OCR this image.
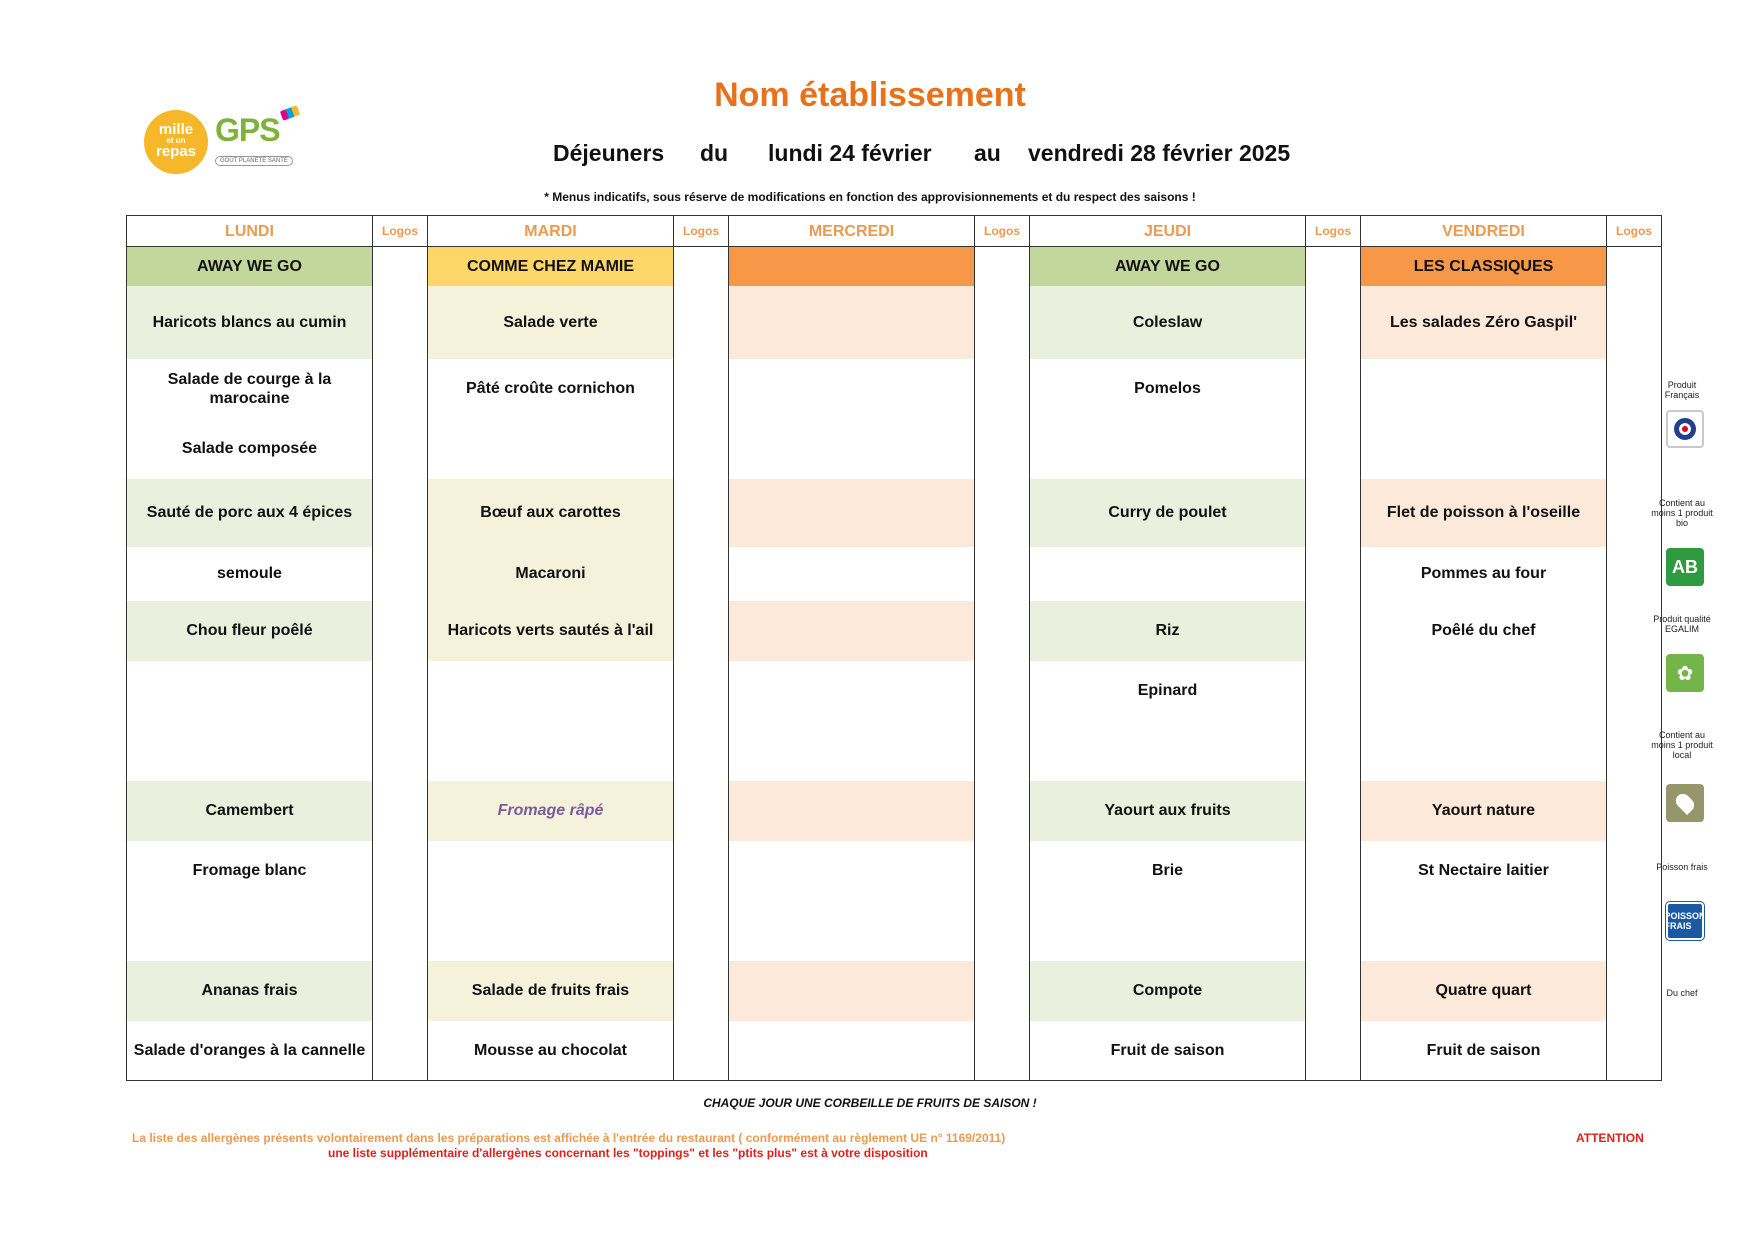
mille
et un
repas
GPS
GOÛT PLANÈTE SANTÉ
Nom établissement
Déjeuners du lundi 24 février au vendredi 28 février 2025
* Menus indicatifs, sous réserve de modifications en fonction des approvisionnements et du respect des saisons !
LUNDI	Logos	MARDI	Logos	MERCREDI	Logos	JEUDI	Logos	VENDREDI	Logos
AWAY WE GO		COMME CHEZ MAMIE				AWAY WE GO		LES CLASSIQUES	
Haricots blancs au cumin		Salade verte				Coleslaw		Les salades Zéro Gaspil'	
Salade de courge à la marocaine		Pâté croûte cornichon				Pomelos			
Salade composée									
Sauté de porc aux 4 épices		Bœuf aux carottes				Curry de poulet		Flet de poisson à l'oseille	
semoule		Macaroni						Pommes au four	
Chou fleur poêlé		Haricots verts sautés à l'ail				Riz		Poêlé du chef	
						Epinard			

Camembert		Fromage râpé				Yaourt aux fruits		Yaourt nature	
Fromage blanc						Brie		St Nectaire laitier	

Ananas frais		Salade de fruits frais				Compote		Quatre quart	
Salade d'oranges à la cannelle		Mousse au chocolat				Fruit de saison		Fruit de saison	
Produit Français
Contient au moins 1 produit bio
AB
Produit qualité EGALIM
✿
Contient au moins 1 produit local
Poisson frais
POISSON FRAIS
Du chef
CHAQUE JOUR UNE CORBEILLE DE FRUITS DE SAISON !
La liste des allergènes présents volontairement dans les préparations est affichée à l'entrée du restaurant ( conformément au règlement UE n° 1169/2011)
une liste supplémentaire d'allergènes concernant les "toppings" et les "ptits plus" est à votre disposition
ATTENTION
